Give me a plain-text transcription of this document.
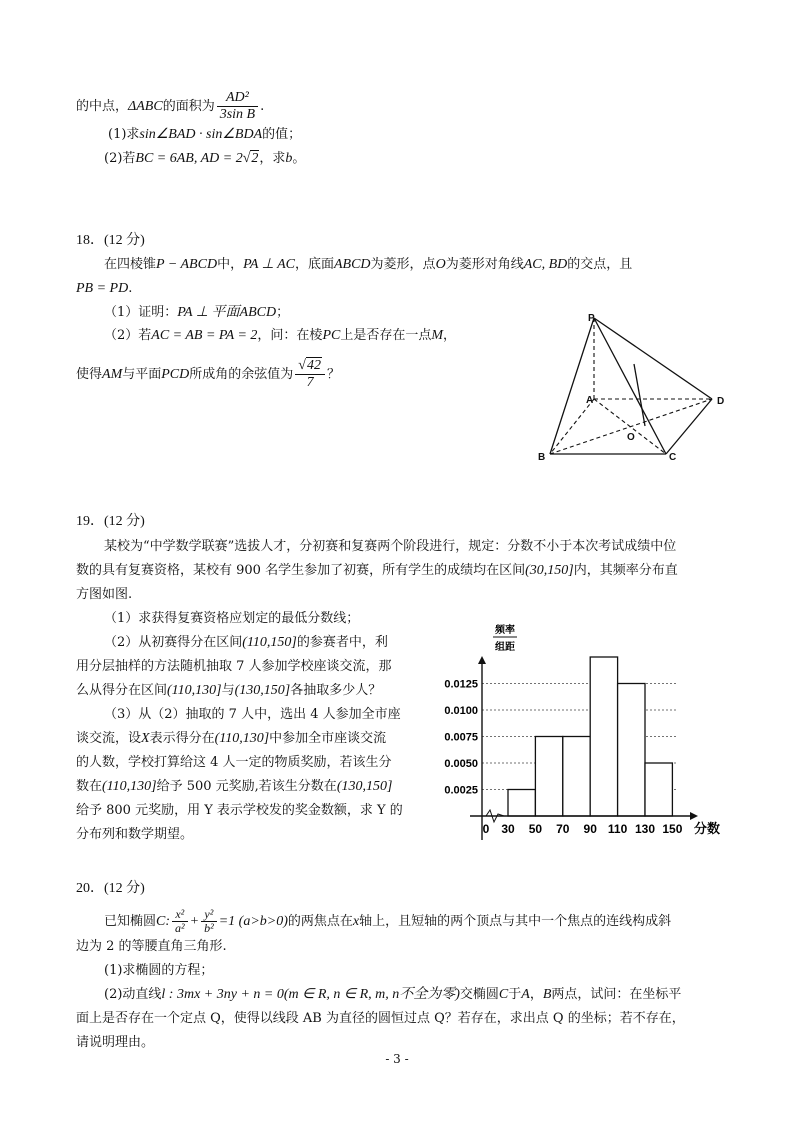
的中点，ΔABC的面积为 $\frac{\text{AD²}}{\text{3sin B}}$ .
(1)求sin∠BAD · sin∠BDA的值；
(2)若BC = 6AB, AD = 2√2，求b。
18．(12 分)
在四棱锥P − ABCD中，PA ⊥ AC，底面ABCD为菱形，点O为菱形对角线AC, BD的交点，且
PB = PD.
（1）证明：PA ⊥ 平面ABCD；
（2）若AC = AB = PA = 2，问：在棱PC上是否存在一点M，
使得AM与平面PCD所成角的余弦值为 $\frac{√42}{7}$ ？
P
A
B	C
D
O
19．(12 分)
某校为“中学数学联赛”选拔人才，分初赛和复赛两个阶段进行，规定：分数不小于本次考试成绩中位
数的具有复赛资格，某校有 900 名学生参加了初赛，所有学生的成绩均在区间(30,150]内，其频率分布直
方图如图.
（1）求获得复赛资格应划定的最低分数线；
（2）从初赛得分在区间(110,150]的参赛者中，利
用分层抽样的方法随机抽取 7 人参加学校座谈交流，那
么从得分在区间(110,130]与(130,150]各抽取多少人？
（3）从（2）抽取的 7 人中，选出 4 人参加全市座
谈交流，设X表示得分在(110,130]中参加全市座谈交流
的人数，学校打算给这 4 人一定的物质奖励，若该生分
数在(110,130]给予 500 元奖励,若该生分数在(130,150]
给予 800 元奖励，用 Y 表示学校发的奖金数额，求 Y 的
分布列和数学期望。
频率
组距
0.0025
0.0050
0.0075
0.0100
0.0125
0 30 50 70 90 110 130 150 分数
20．(12 分)
已知椭圆C: $\frac{\text{x²}}{\text{a²}} + \frac{\text{y²}}{\text{b²}} =1$ (a>b>0)的两焦点在x轴上，且短轴的两个顶点与其中一个焦点的连线构成斜
边为 2 的等腰直角三角形.
(1)求椭圆的方程；
(2)动直线l : 3mx + 3ny + n = 0(m ∈ R, n ∈ R, m, n不全为零)交椭圆C于A，B两点，试问：在坐标平
面上是否存在一个定点 Q，使得以线段 AB 为直径的圆恒过点 Q？若存在，求出点 Q 的坐标；若不存在，
请说明理由。
- 3 -
